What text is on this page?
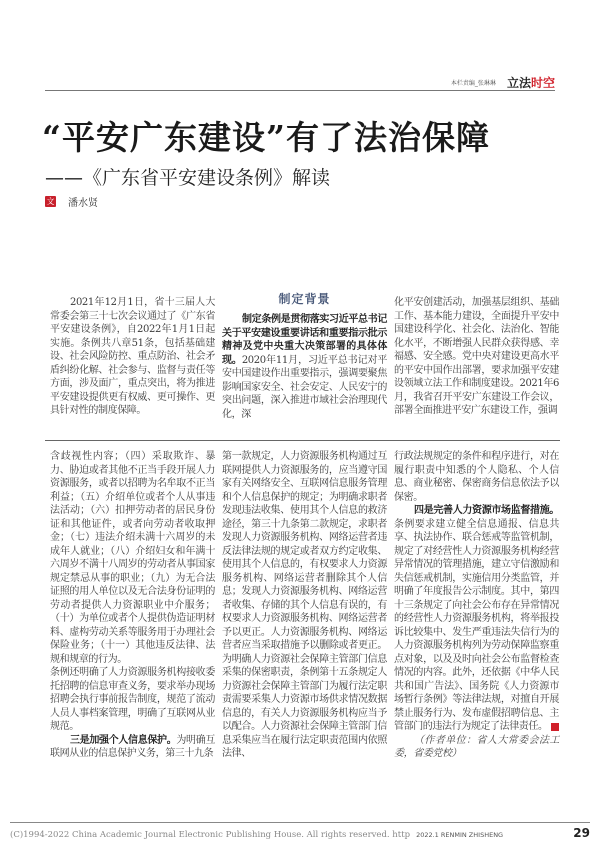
本栏责编_张琳琳 立法时空
“平安广东建设”有了法治保障
——《广东省平安建设条例》解读
文 潘水贤

2021年12月1日，省十三届人大常委会第三十七次会议通过了《广东省平安建设条例》，自2022年1月1日起实施。条例共八章51条，包括基础建设、社会风险防控、重点防治、社会矛盾纠纷化解、社会参与、监督与责任等方面，涉及面广，重点突出，将为推进平安建设提供更有权威、更可操作、更具针对性的制度保障。

制定背景

制定条例是贯彻落实习近平总书记关于平安建设重要讲话和重要指示批示精神及党中央重大决策部署的具体体现。2020年11月，习近平总书记对平安中国建设作出重要指示，强调要聚焦影响国家安全、社会安定、人民安宁的突出问题，深入推进市域社会治理现代化，深

化平安创建活动，加强基层组织、基础工作、基本能力建设，全面提升平安中国建设科学化、社会化、法治化、智能化水平，不断增强人民群众获得感、幸福感、安全感。党中央对建设更高水平的平安中国作出部署，要求加强平安建设领域立法工作和制度建设。2021年6月，我省召开平安广东建设工作会议，部署全面推进平安广东建设工作，强调

含歧视性内容；（四）采取欺诈、暴力、胁迫或者其他不正当手段开展人力资源服务，或者以招聘为名牟取不正当利益；（五）介绍单位或者个人从事违法活动；（六）扣押劳动者的居民身份证和其他证件，或者向劳动者收取押金；（七）违法介绍未满十六周岁的未成年人就业；（八）介绍妇女和年满十六周岁不满十八周岁的劳动者从事国家规定禁忌从事的职业；（九）为无合法证照的用人单位以及无合法身份证明的劳动者提供人力资源职业中介服务；（十）为单位或者个人提供伪造证明材料、虚构劳动关系等服务用于办理社会保险业务；（十一）其他违反法律、法规和规章的行为。

条例还明确了人力资源服务机构接收委托招聘的信息审查义务，要求举办现场招聘会执行事前报告制度，规范了流动人员人事档案管理，明确了互联网从业规范。

三是加强个人信息保护。为明确互联网从业的信息保护义务，第三十九条

第一款规定，人力资源服务机构通过互联网提供人力资源服务的，应当遵守国家有关网络安全、互联网信息服务管理和个人信息保护的规定；为明确求职者发现违法收集、使用其个人信息的救济途径，第三十九条第二款规定，求职者发现人力资源服务机构、网络运营者违反法律法规的规定或者双方约定收集、使用其个人信息的，有权要求人力资源服务机构、网络运营者删除其个人信息；发现人力资源服务机构、网络运营者收集、存储的其个人信息有误的，有权要求人力资源服务机构、网络运营者予以更正。人力资源服务机构、网络运营者应当采取措施予以删除或者更正。为明确人力资源社会保障主管部门信息采集的保密职责，条例第十五条规定人力资源社会保障主管部门为履行法定职责需要采集人力资源市场供求情况数据信息的，有关人力资源服务机构应当予以配合。人力资源社会保障主管部门信息采集应当在履行法定职责范围内依照法律、

行政法规规定的条件和程序进行，对在履行职责中知悉的个人隐私、个人信息、商业秘密、保密商务信息依法予以保密。

四是完善人力资源市场监督措施。条例要求建立健全信息通报、信息共享、执法协作、联合惩戒等监管机制，规定了对经营性人力资源服务机构经营异常情况的管理措施，建立守信激励和失信惩戒机制，实施信用分类监管，并明确了年度报告公示制度。其中，第四十三条规定了向社会公布存在异常情况的经营性人力资源服务机构，将举报投诉比较集中、发生严重违法失信行为的人力资源服务机构列为劳动保障监察重点对象，以及及时向社会公布监督检查情况的内容。此外，还依据《中华人民共和国广告法》、国务院《人力资源市场暂行条例》等法律法规，对擅自开展禁止服务行为、发布虚假招聘信息、主管部门的违法行为规定了法律责任。

（作者单位：省人大常委会法工委，省委党校）

(C)1994-2022 China Academic Journal Electronic Publishing House. All rights reserved. http 2022.1 RENMIN ZHISHENG	29
